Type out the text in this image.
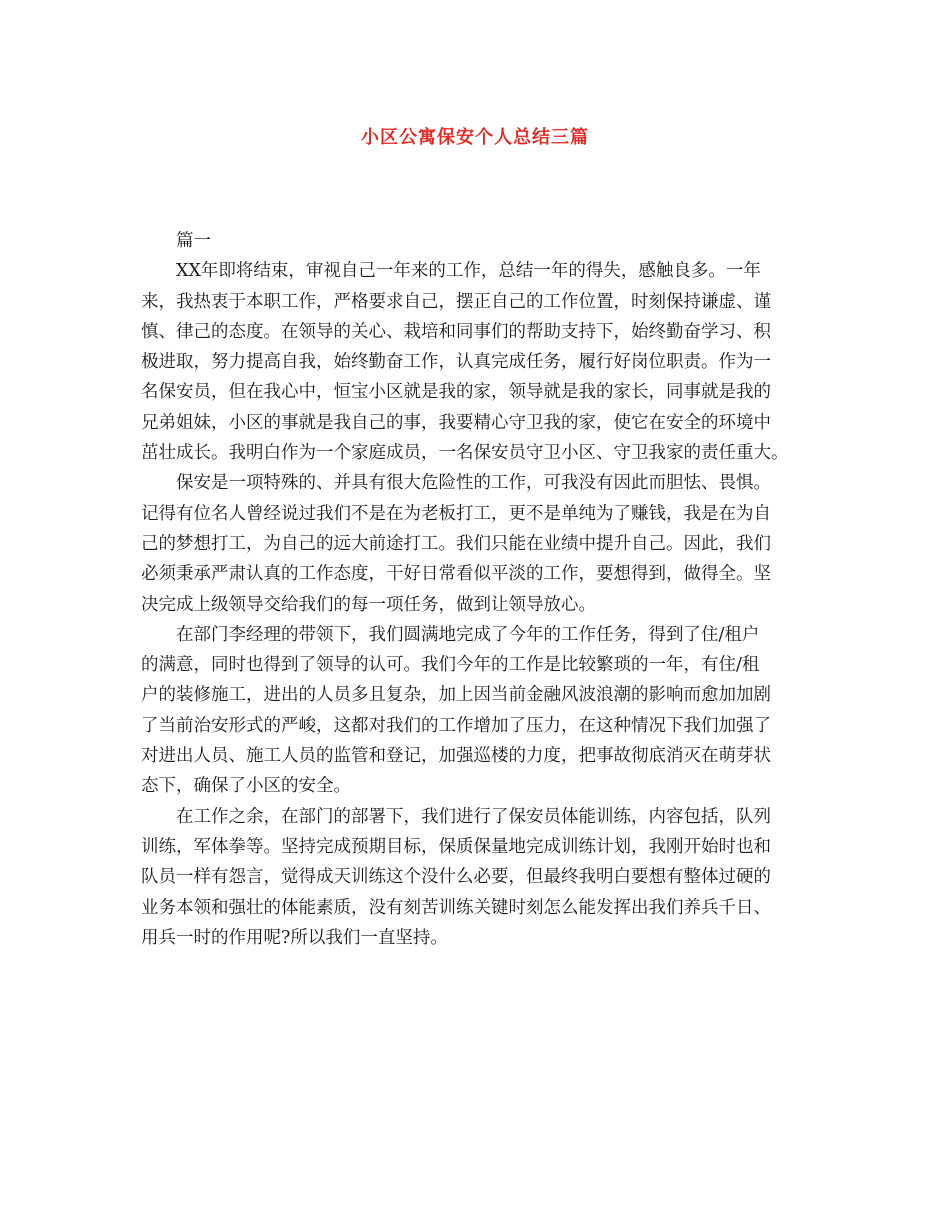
小区公寓保安个人总结三篇

篇一

XX年即将结束，审视自己一年来的工作，总结一年的得失，感触良多。一年
来，我热衷于本职工作，严格要求自己，摆正自己的工作位置，时刻保持谦虚、谨
慎、律己的态度。在领导的关心、栽培和同事们的帮助支持下，始终勤奋学习、积
极进取，努力提高自我，始终勤奋工作，认真完成任务，履行好岗位职责。作为一
名保安员，但在我心中，恒宝小区就是我的家，领导就是我的家长，同事就是我的
兄弟姐妹，小区的事就是我自己的事，我要精心守卫我的家，使它在安全的环境中
茁壮成长。我明白作为一个家庭成员，一名保安员守卫小区、守卫我家的责任重大。

保安是一项特殊的、并具有很大危险性的工作，可我没有因此而胆怯、畏惧。
记得有位名人曾经说过我们不是在为老板打工，更不是单纯为了赚钱，我是在为自
己的梦想打工，为自己的远大前途打工。我们只能在业绩中提升自己。因此，我们
必须秉承严肃认真的工作态度，干好日常看似平淡的工作，要想得到，做得全。坚
决完成上级领导交给我们的每一项任务，做到让领导放心。

在部门李经理的带领下，我们圆满地完成了今年的工作任务，得到了住/租户
的满意，同时也得到了领导的认可。我们今年的工作是比较繁琐的一年，有住/租
户的装修施工，进出的人员多且复杂，加上因当前金融风波浪潮的影响而愈加加剧
了当前治安形式的严峻，这都对我们的工作增加了压力，在这种情况下我们加强了
对进出人员、施工人员的监管和登记，加强巡楼的力度，把事故彻底消灭在萌芽状
态下，确保了小区的安全。

在工作之余，在部门的部署下，我们进行了保安员体能训练，内容包括，队列
训练，军体拳等。坚持完成预期目标，保质保量地完成训练计划，我刚开始时也和
队员一样有怨言，觉得成天训练这个没什么必要，但最终我明白要想有整体过硬的
业务本领和强壮的体能素质，没有刻苦训练关键时刻怎么能发挥出我们养兵千日、
用兵一时的作用呢?所以我们一直坚持。
